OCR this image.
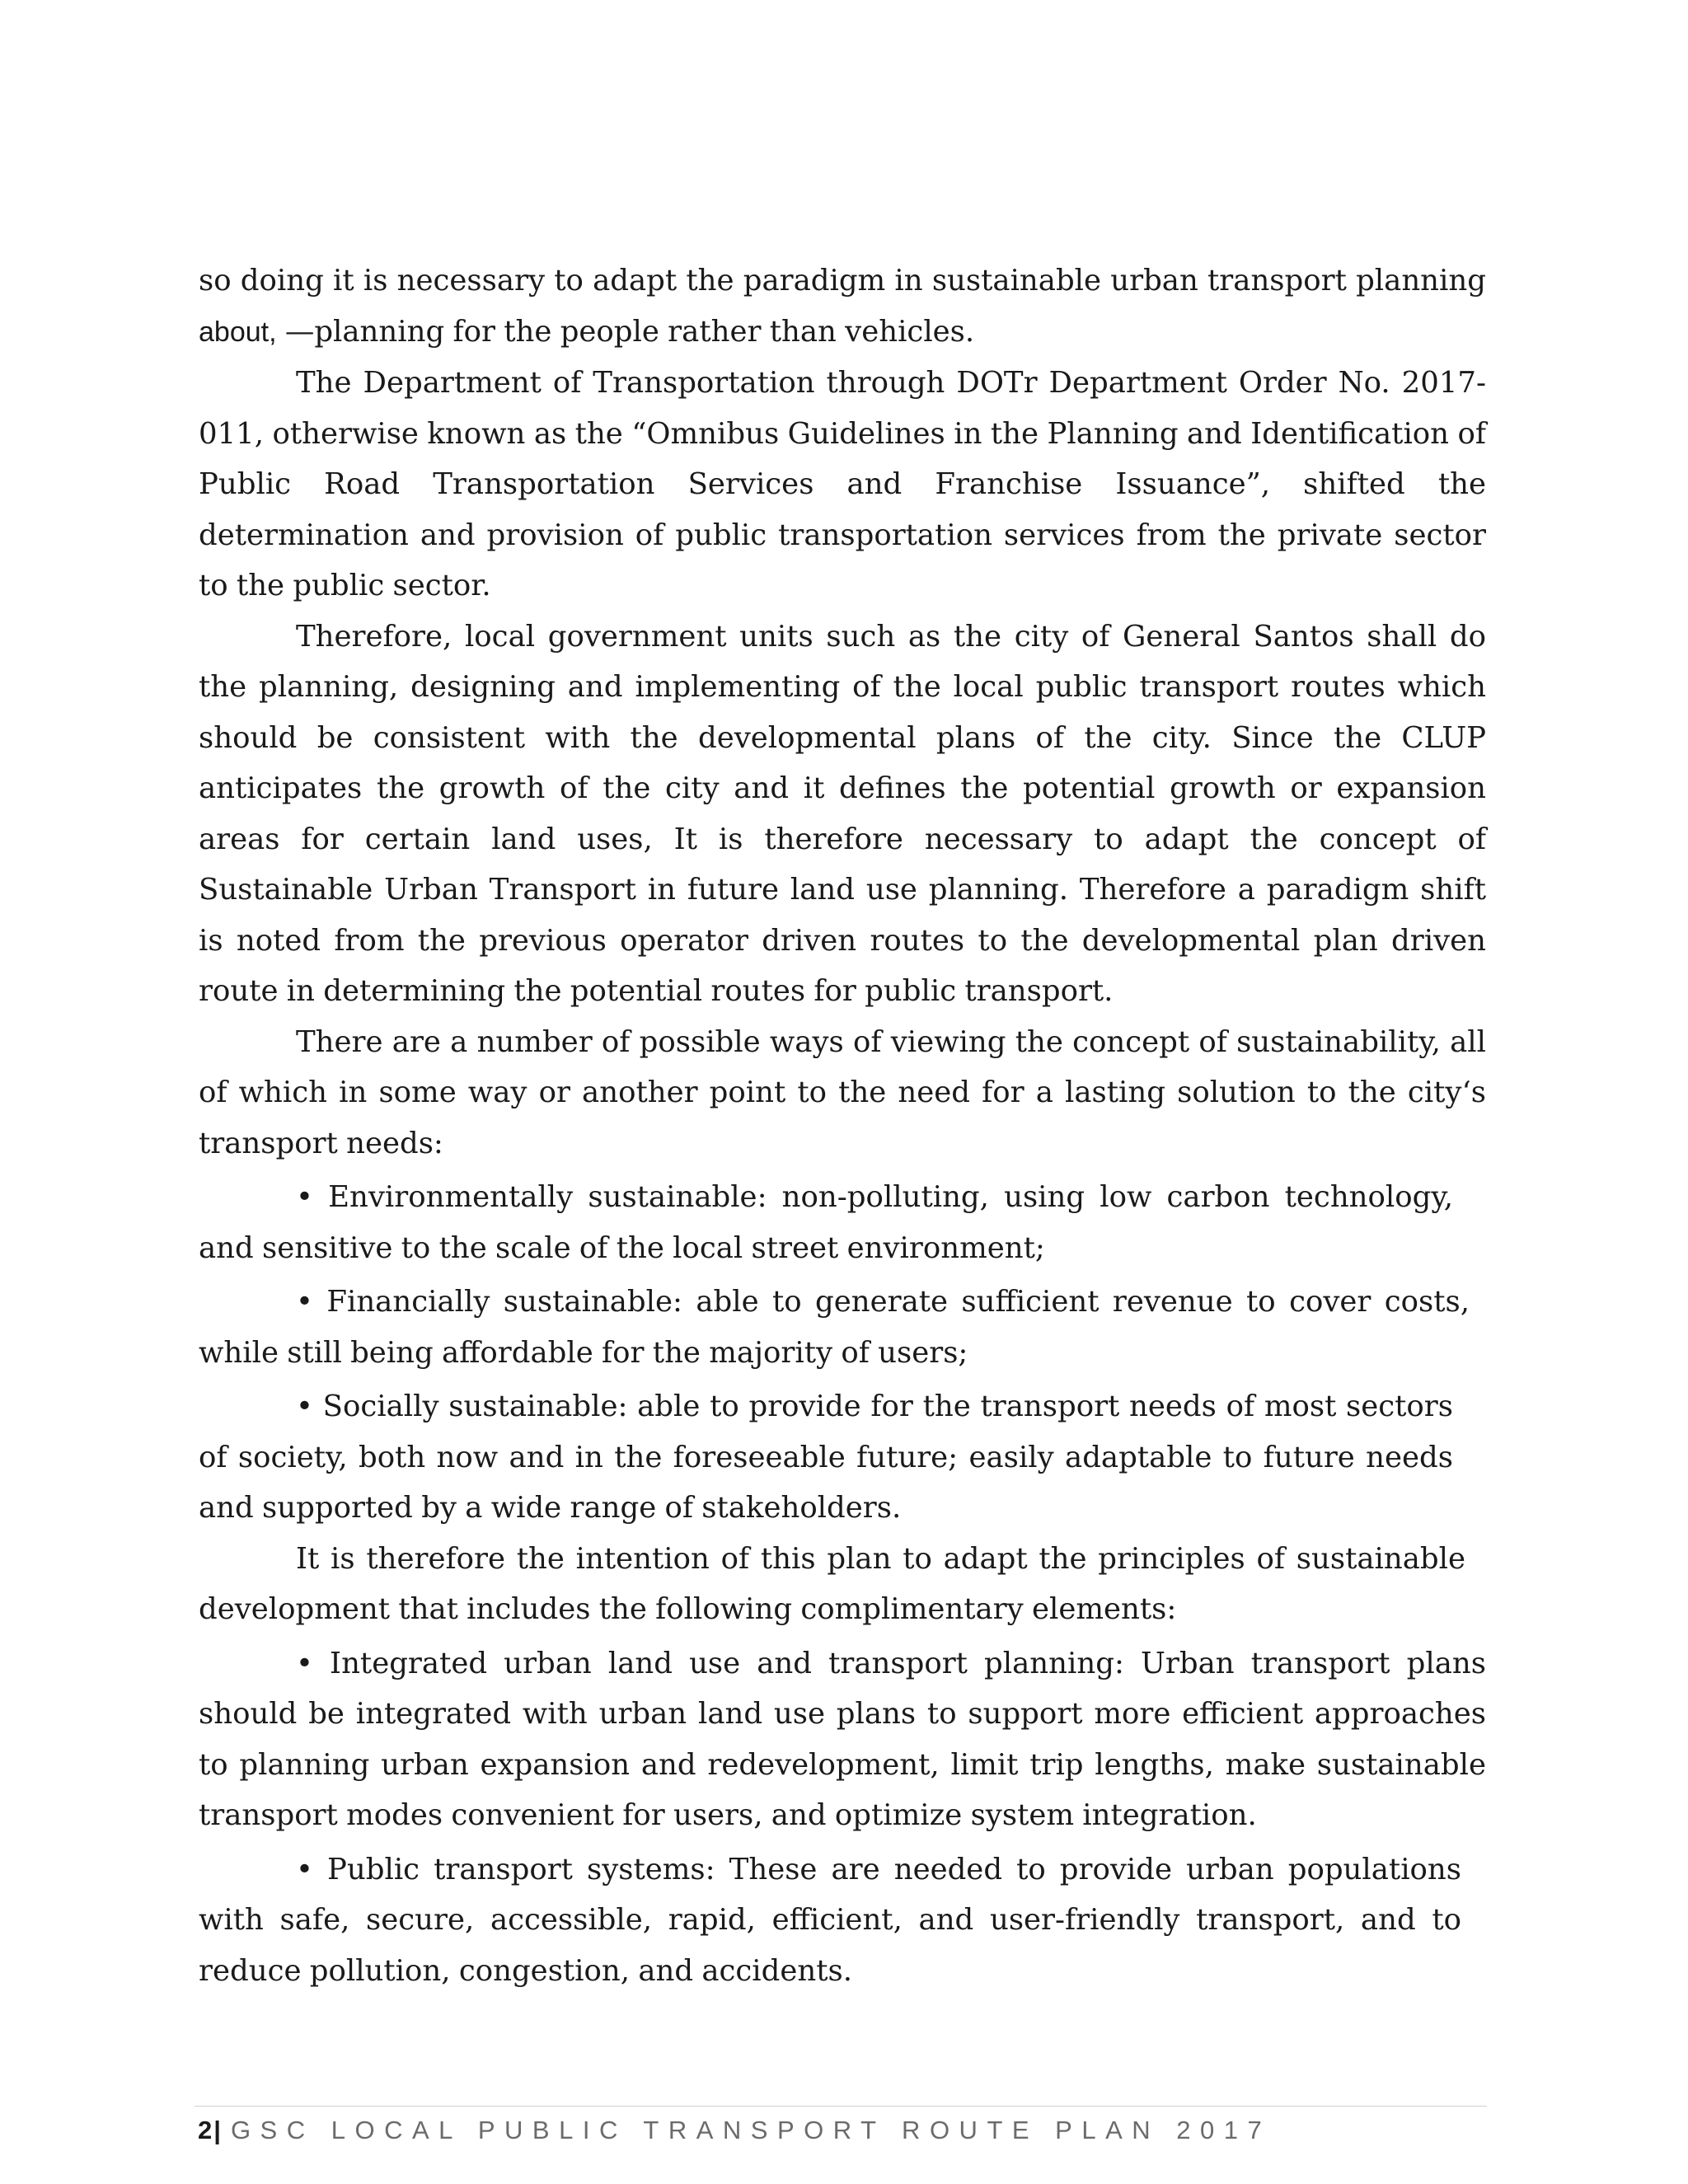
so doing it is necessary to adapt the paradigm in sustainable urban transport planning about, —planning for the people rather than vehicles.

The Department of Transportation through DOTr Department Order No. 2017-011, otherwise known as the “Omnibus Guidelines in the Planning and Identification of Public Road Transportation Services and Franchise Issuance”, shifted the determination and provision of public transportation services from the private sector to the public sector.

Therefore, local government units such as the city of General Santos shall do the planning, designing and implementing of the local public transport routes which should be consistent with the developmental plans of the city. Since the CLUP anticipates the growth of the city and it defines the potential growth or expansion areas for certain land uses, It is therefore necessary to adapt the concept of Sustainable Urban Transport in future land use planning. Therefore a paradigm shift is noted from the previous operator driven routes to the developmental plan driven route in determining the potential routes for public transport.

There are a number of possible ways of viewing the concept of sustainability, all of which in some way or another point to the need for a lasting solution to the city‘s transport needs:

• Environmentally sustainable: non-polluting, using low carbon technology, and sensitive to the scale of the local street environment;

• Financially sustainable: able to generate sufficient revenue to cover costs, while still being affordable for the majority of users;

• Socially sustainable: able to provide for the transport needs of most sectors of society, both now and in the foreseeable future; easily adaptable to future needs and supported by a wide range of stakeholders.

It is therefore the intention of this plan to adapt the principles of sustainable development that includes the following complimentary elements:

• Integrated urban land use and transport planning: Urban transport plans should be integrated with urban land use plans to support more efficient approaches to planning urban expansion and redevelopment, limit trip lengths, make sustainable transport modes convenient for users, and optimize system integration.

• Public transport systems: These are needed to provide urban populations with safe, secure, accessible, rapid, efficient, and user-friendly transport, and to reduce pollution, congestion, and accidents.

2| GSC LOCAL PUBLIC TRANSPORT ROUTE PLAN 2017
